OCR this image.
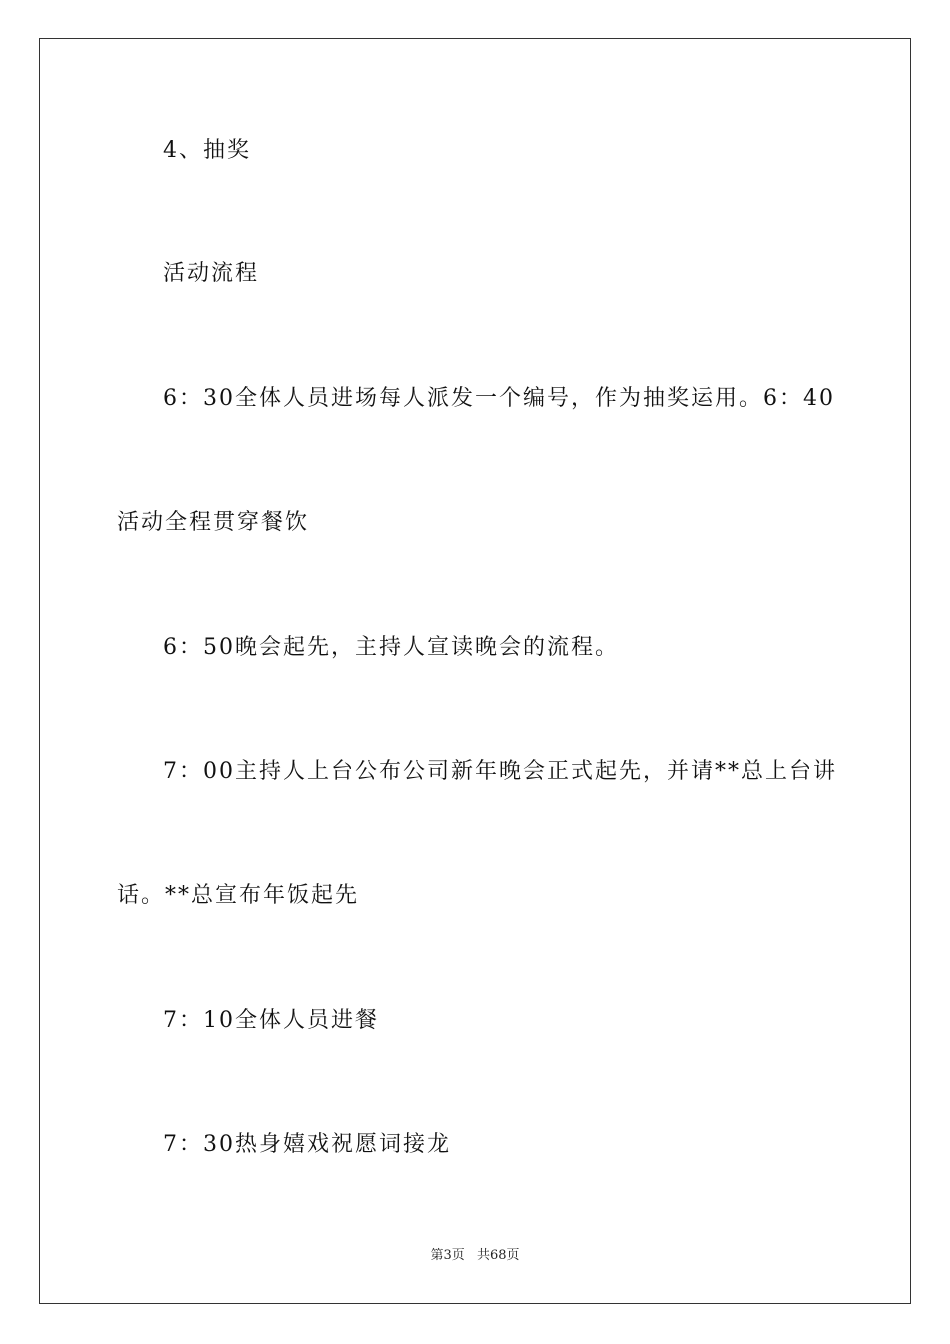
4、抽奖
活动流程
6：30全体人员进场每人派发一个编号，作为抽奖运用。6：40
活动全程贯穿餐饮
6：50晚会起先，主持人宣读晚会的流程。
7：00主持人上台公布公司新年晚会正式起先，并请**总上台讲
话。**总宣布年饭起先
7：10全体人员进餐
7：30热身嬉戏祝愿词接龙
第3页 共68页
